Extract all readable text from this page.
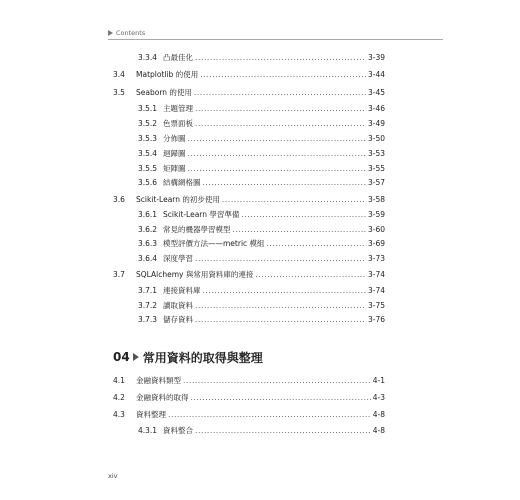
Contents
3.3.4 凸最佳化 .....	3-39
3.4	Matplotlib 的使用 .....	3-44
3.5	Seaborn 的使用 .....	3-45
3.5.1 主題管理 .....	3-46
3.5.2 色票面板 .....	3-49
3.5.3 分佈圖 .....	3-50
3.5.4 迴歸圖 .....	3-53
3.5.5 矩陣圖 .....	3-55
3.5.6 結構網格圖 .....	3-57
3.6	Scikit-Learn 的初步使用 .....	3-58
3.6.1 Scikit-Learn 學習準備 .....	3-59
3.6.2 常見的機器學習模型 .....	3-60
3.6.3 模型評價方法——metric 模組 .....	3-69
3.6.4 深度學習 .....	3-73
3.7	SQLAlchemy 與常用資料庫的連接 .....	3-74
3.7.1 連接資料庫 .....	3-74
3.7.2 讀取資料 .....	3-75
3.7.3 儲存資料 .....	3-76
04 常用資料的取得與整理
4.1	金融資料類型 .....	4-1
4.2	金融資料的取得 .....	4-3
4.3	資料整理 .....	4-8
4.3.1 資料整合 .....	4-8
xiv
